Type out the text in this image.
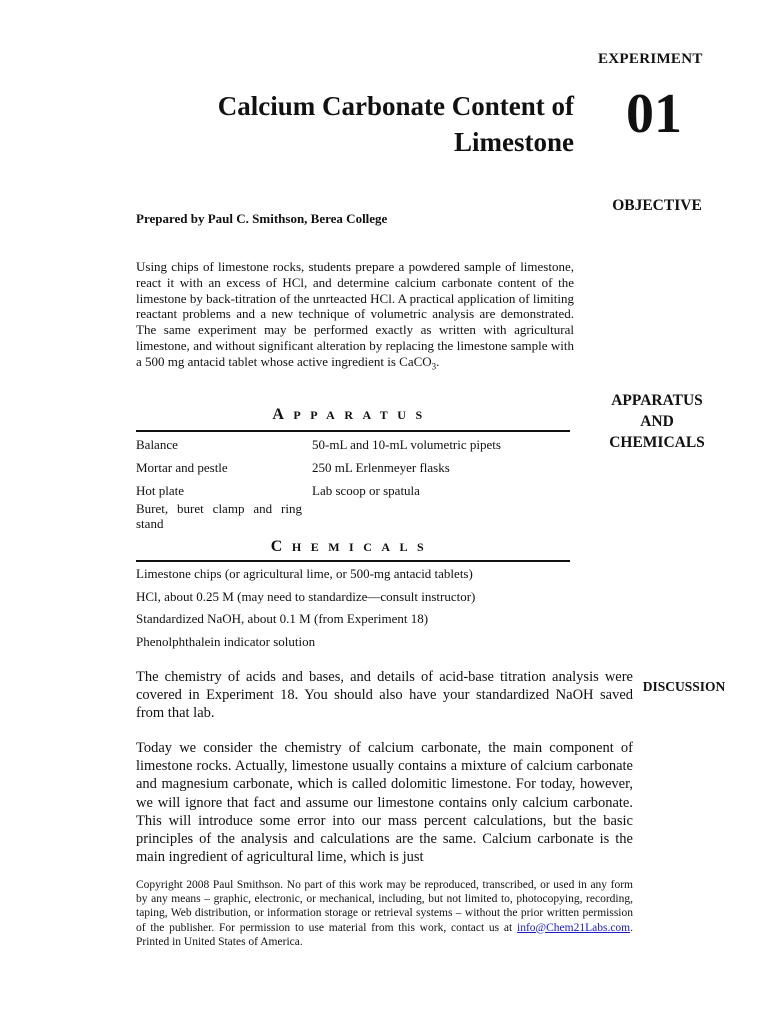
EXPERIMENT
01
Calcium Carbonate Content of
Limestone
OBJECTIVE
APPARATUS
AND
CHEMICALS
DISCUSSION
Prepared by Paul C. Smithson, Berea College
Using chips of limestone rocks, students prepare a powdered sample of limestone, react it with an excess of HCl, and determine calcium carbonate content of the limestone by back-titration of the unrteacted HCl. A practical application of limiting reactant problems and a new technique of volumetric analysis are demonstrated. The same experiment may be performed exactly as written with agricultural limestone, and without significant alteration by replacing the limestone sample with a 500 mg antacid tablet whose active ingredient is CaCO$_3$.
APPARATUS
Balance	50-mL and 10-mL volumetric pipets
Mortar and pestle	250 mL Erlenmeyer flasks
Hot plate	Lab scoop or spatula
Buret, buret clamp and ring stand
CHEMICALS
Limestone chips (or agricultural lime, or 500-mg antacid tablets)
HCl, about 0.25 M (may need to standardize—consult instructor)
Standardized NaOH, about 0.1 M (from Experiment 18)
Phenolphthalein indicator solution
The chemistry of acids and bases, and details of acid-base titration analysis were covered in Experiment 18. You should also have your standardized NaOH saved from that lab.
Today we consider the chemistry of calcium carbonate, the main component of limestone rocks. Actually, limestone usually contains a mixture of calcium carbonate and magnesium carbonate, which is called dolomitic limestone. For today, however, we will ignore that fact and assume our limestone contains only calcium carbonate. This will introduce some error into our mass percent calculations, but the basic principles of the analysis and calculations are the same. Calcium carbonate is the main ingredient of agricultural lime, which is just
Copyright 2008 Paul Smithson. No part of this work may be reproduced, transcribed, or used in any form by any means – graphic, electronic, or mechanical, including, but not limited to, photocopying, recording, taping, Web distribution, or information storage or retrieval systems – without the prior written permission of the publisher. For permission to use material from this work, contact us at info@Chem21Labs.com. Printed in United States of America.
